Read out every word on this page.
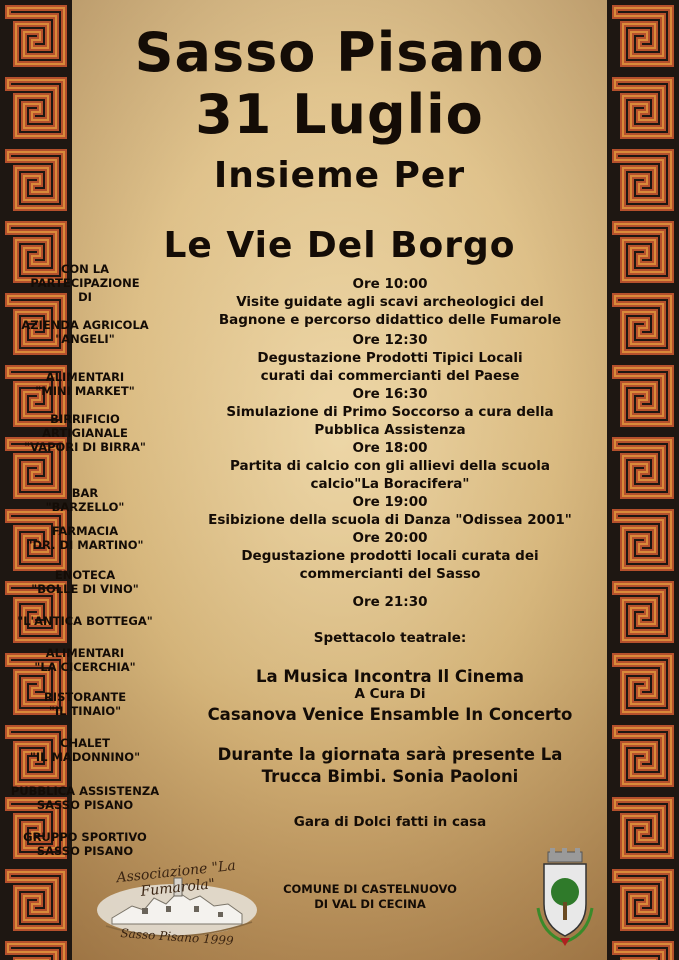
Sasso Pisano
31 Luglio
Insieme Per
Le Vie Del Borgo
CON LA
PARTECIPAZIONE
DI
AZIENDA AGRICOLA
"ANGELI"
ALIMENTARI
"MINI MARKET"
BIRRIFICIO
ARTIGIANALE
"VAPORI DI BIRRA"
BAR
"BARZELLO"
FARMACIA
"DR. DI MARTINO"
ENOTECA
"BOLLE DI VINO"
"L'ANTICA BOTTEGA"
ALIMENTARI
"LA CICERCHIA"
RISTORANTE
"IL TINAIO"
CHALET
"IL MADONNINO"
PUBBLICA ASSISTENZA
SASSO PISANO
GRUPPO SPORTIVO
SASSO PISANO
Ore 10:00
Visite guidate agli scavi archeologici del
Bagnone e percorso didattico delle Fumarole
Ore 12:30
Degustazione Prodotti Tipici Locali
curati dai commercianti del Paese
Ore 16:30
Simulazione di Primo Soccorso a cura della
Pubblica Assistenza
Ore 18:00
Partita di calcio con gli allievi della scuola
calcio"La Boracifera"
Ore 19:00
Esibizione della scuola di Danza "Odissea 2001"
Ore 20:00
Degustazione prodotti locali curata dei
commercianti del Sasso
Ore 21:30
Spettacolo teatrale:
La Musica Incontra Il Cinema
A Cura Di
Casanova Venice Ensamble In Concerto
Durante la giornata sarà presente La
Trucca Bimbi. Sonia Paoloni
Gara di Dolci fatti in casa
Associazione "La Fumarola"
Sasso Pisano 1999
COMUNE DI CASTELNUOVO
DI VAL DI CECINA
